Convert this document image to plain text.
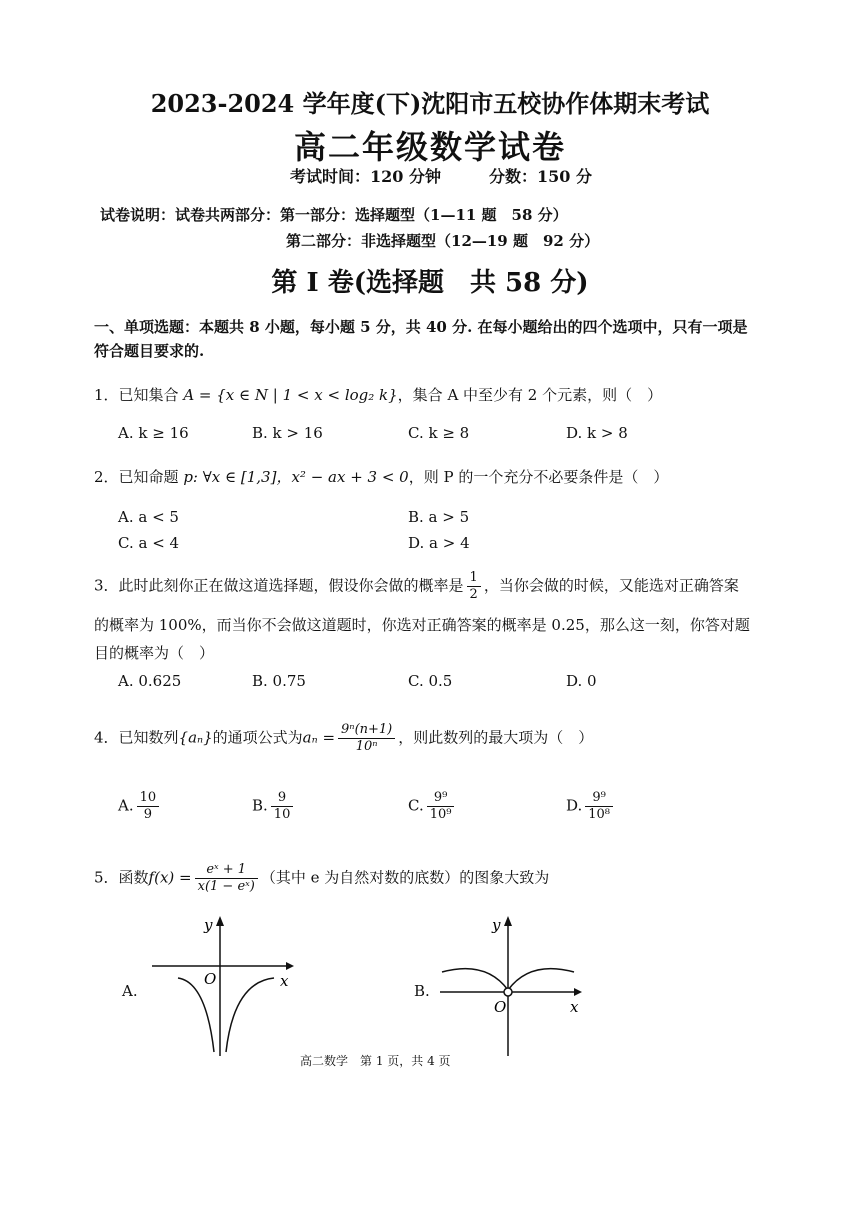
2023-2024 学年度(下)沈阳市五校协作体期末考试
高二年级数学试卷
考试时间：120 分钟	分数：150 分
试卷说明：试卷共两部分：第一部分：选择题型（1—11 题　58 分）
第二部分：非选择题型（12—19 题　92 分）
第 I 卷(选择题　共 58 分)
一、单项选题：本题共 8 小题，每小题 5 分，共 40 分. 在每小题给出的四个选项中，只有一项是
符合题目要求的.
1．已知集合 A = {x ∈ N | 1 < x < log₂ k}，集合 A 中至少有 2 个元素，则（　）
A. k ≥ 16	B. k > 16	C. k ≥ 8	D. k > 8
2．已知命题 p: ∀x ∈ [1,3]，x² − ax + 3 < 0，则 P 的一个充分不必要条件是（　）
A. a < 5	B. a > 5
C. a < 4	D. a > 4
3．此时此刻你正在做这道选择题，假设你会做的概率是 $\frac{1}{2}$ ，当你会做的时候，又能选对正确答案
的概率为 100%，而当你不会做这道题时，你选对正确答案的概率是 0.25，那么这一刻，你答对题
目的概率为（　）
A. 0.625	B. 0.75	C. 0.5	D. 0
4．已知数列{aₙ}的通项公式为$a_n = \frac{\text{9ⁿ(n+1)}}{\text{10ⁿ}}$ ，则此数列的最大项为（　）
A. $\frac{10}{9}$	B. $\frac{9}{10}$	C. $\frac{\text{9⁹}}{\text{10⁹}}$	D. $\frac{\text{9⁹}}{\text{10⁸}}$
5．函数$f(x) = \frac{\text{eˣ + 1}}{\text{x(1 − eˣ)}}$ （其中 e 为自然对数的底数）的图象大致为
A.
y
x
O
B.
y
x
O
高二数学　第 1 页，共 4 页
